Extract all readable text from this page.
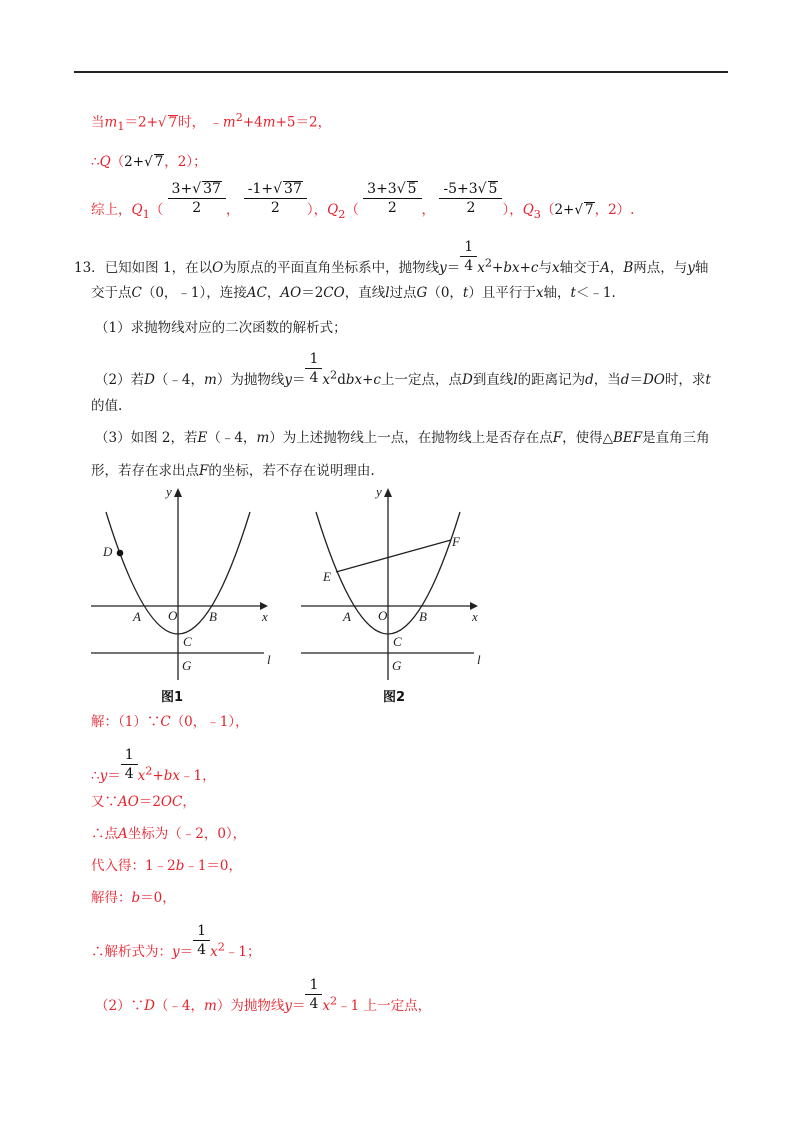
当$m_1=2+√$ 7时， $﹣m^2+4m+5=2$，
∴Q（2+√ 7，2）；
综上，$Q_1( \frac{3+√ 37}{2}$ ， $\frac{-1+√ 37}{2}$ ），$Q_2( \frac{3+3√ 5}{2}$ ， $\frac{-5+3√ 5}{2}$ ），$Q_3(2+√$ 7，2）.
13．已知如图 1，在以O为原点的平面直角坐标系中，抛物线$y= \frac{1}{4} x^2+bx+c$与x轴交于A，B两点，与y轴
交于点C（0，﹣1），连接AC，AO＝2CO，直线l过点G（0，t）且平行于x轴，t＜﹣1.
（1）求抛物线对应的二次函数的解析式；
（2）若D（﹣4，m）为抛物线$y= \frac{1}{4} x^2dbx+c$上一定点，点D到直线l的距离记为d，当d＝DO时，求t
的值.
（3）如图 2，若E（﹣4，m）为上述抛物线上一点，在抛物线上是否存在点F，使得△BEF是直角三角
形，若存在求出点F的坐标，若不存在说明理由.
y
x
D
A O B
C
G	l
图1
y
x
F
E
A O B
C
G	l
图2
解：（1）∵C（0，﹣1），
∴y＝ $\frac{1}{4}$ $x^2+bx﹣1$，
又∵AO＝2OC，
∴点A坐标为（﹣2，0），
代入得：1﹣2b﹣1＝0，
解得：b＝0，
∴解析式为：$y= \frac{1}{4}$ $x^2﹣1$；
（2）∵D（﹣4，m）为抛物线$y= \frac{1}{4}$ $x^2﹣1$ 上一定点，
